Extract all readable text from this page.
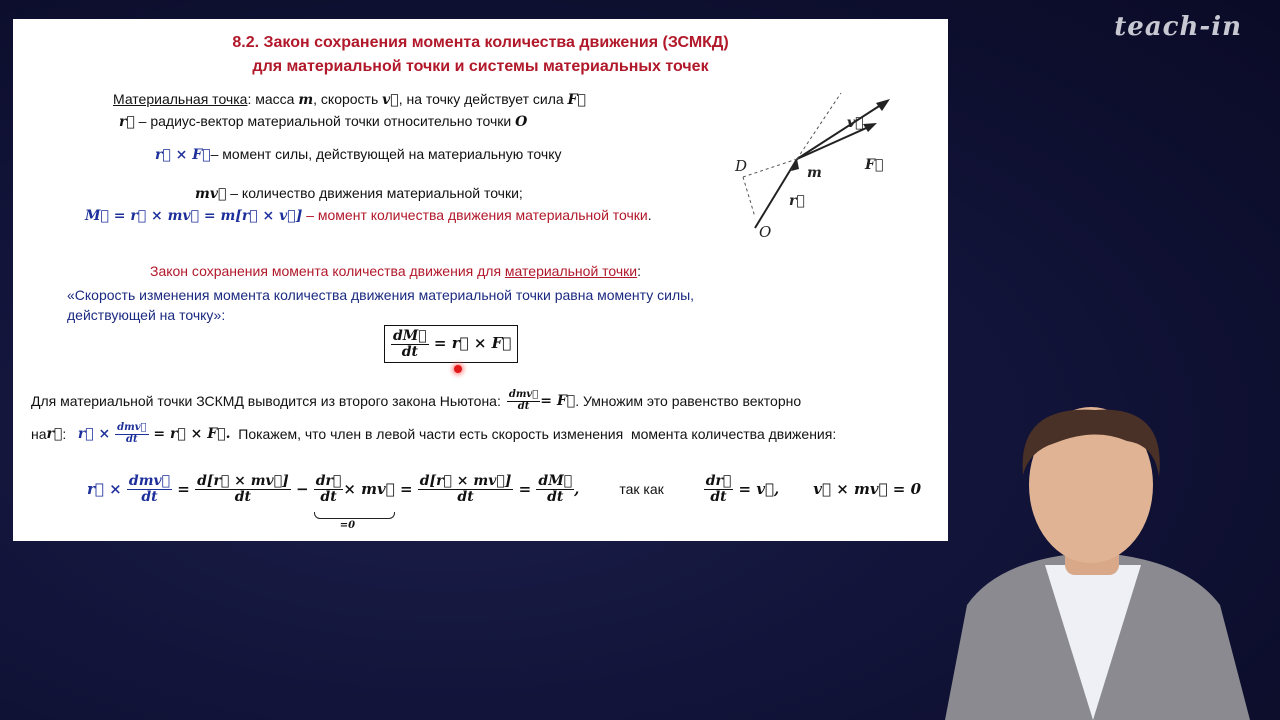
teach-in
8.2. Закон сохранения момента количества движения (ЗСМКД)
для материальной точки и системы материальных точек
Материальная точка: масса m, скорость v⃗, на точку действует сила F⃗
r⃗ – радиус-вектор материальной точки относительно точки O
r⃗ × F⃗– момент силы, действующей на материальную точку
mv⃗ – количество движения материальной точки;
M⃗ = r⃗ × mv⃗ = m[r⃗ × v⃗] – момент количества движения материальной точки.
D	m
O
v⃗
F⃗
r⃗
Закон сохранения момента количества движения для материальной точки:
«Скорость изменения момента количества движения материальной точки равна моменту силы,
действующей на точку»:
$\frac{dM⃗}{dt}$ = r⃗ × F⃗
Для материальной точки ЗСКМД выводится из второго закона Ньютона: $\frac{\text{dmv⃗}}{dt}$ = F⃗ . Умножим это равенство векторно
на r⃗ : r⃗ × $\frac{\text{dmv⃗}}{dt}$ = r⃗ × F⃗. Покажем, что член в левой части есть скорость изменения  момента количества движения:
r⃗ × $\frac{\text{dmv⃗}}{dt} = \frac{d[r⃗ \times mv⃗]}{dt} - \frac{dr⃗}{dt}$ × mv⃗
=0
= $\frac{d[r⃗ \times mv⃗]}{dt} = \frac{dM⃗}{dt}$ ,	так как	$\frac{dr⃗}{dt}$ = v⃗, v⃗ × mv⃗ = 0
